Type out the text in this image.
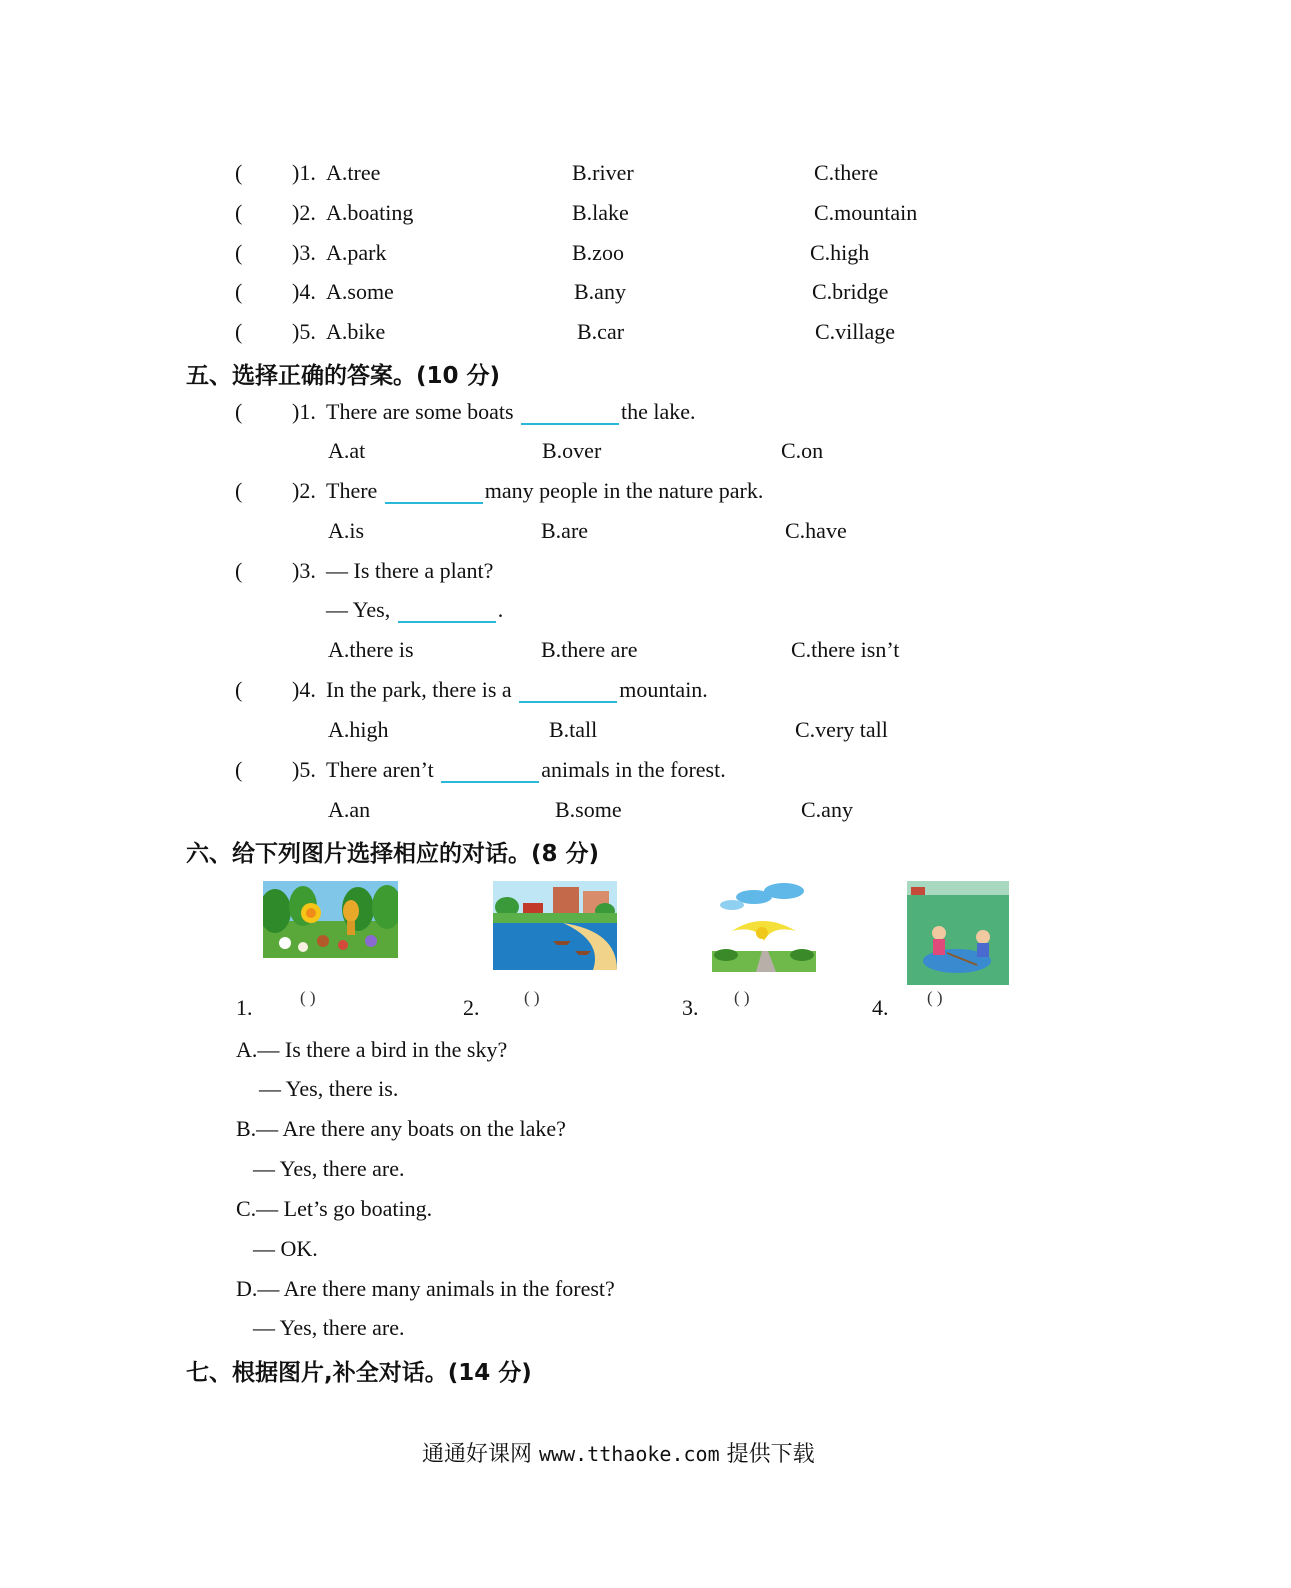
( )1. A.tree	B.river	C.there
( )2. A.boating	B.lake	C.mountain
( )3. A.park	B.zoo	C.high
( )4. A.some	B.any	C.bridge
( )5. A.bike	B.car	C.village
五、选择正确的答案。(10 分)
( )1. There are some boats	the lake.
A.at	B.over	C.on
( )2. There	many people in the nature park.
A.is	B.are	C.have
( )3. — Is there a plant?
— Yes,	.
A.there is	B.there are	C.there isn’t
( )4. In the park, there is a	mountain.
A.high	B.tall	C.very tall
( )5. There aren’t	animals in the forest.
A.an	B.some	C.any
六、给下列图片选择相应的对话。(8 分)
1.	( )	2.	( )	3. ( )	4. ( )
A.— Is there a bird in the sky?
— Yes, there is.
B.— Are there any boats on the lake?
— Yes, there are.
C.— Let’s go boating.
— OK.
D.— Are there many animals in the forest?
— Yes, there are.
七、根据图片,补全对话。(14 分)
通通好课网 www.tthaoke.com 提供下载
